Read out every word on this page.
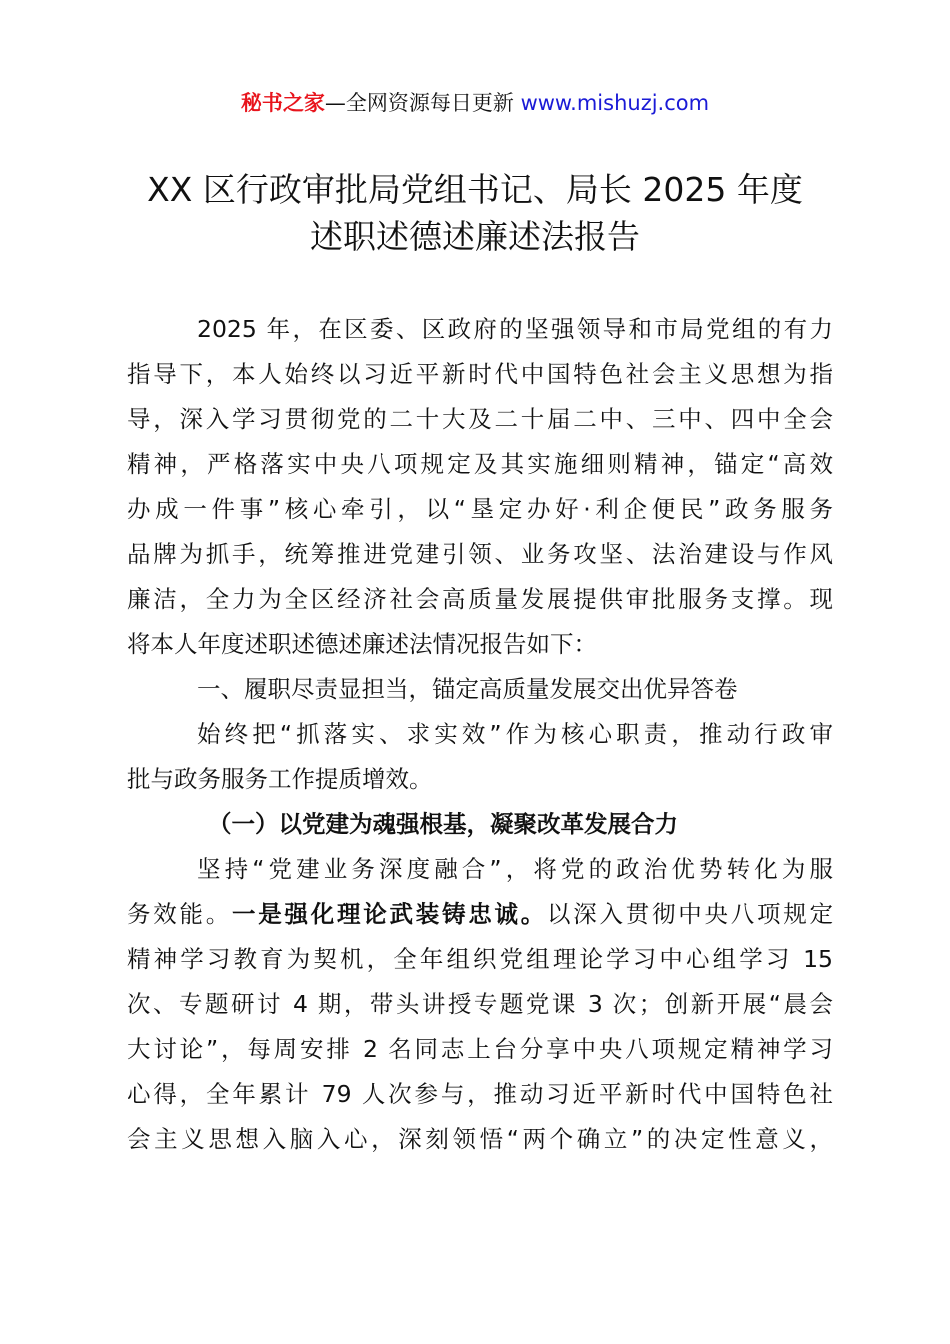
秘书之家—全网资源每日更新 www.mishuzj.com
XX 区行政审批局党组书记、局长 2025 年度
述职述德述廉述法报告
2025 年，在区委、区政府的坚强领导和市局党组的有力
指导下，本人始终以习近平新时代中国特色社会主义思想为指
导，深入学习贯彻党的二十大及二十届二中、三中、四中全会
精神，严格落实中央八项规定及其实施细则精神，锚定“高效
办成一件事”核心牵引，以“垦定办好·利企便民”政务服务
品牌为抓手，统筹推进党建引领、业务攻坚、法治建设与作风
廉洁，全力为全区经济社会高质量发展提供审批服务支撑。现
将本人年度述职述德述廉述法情况报告如下：
一、履职尽责显担当，锚定高质量发展交出优异答卷
始终把“抓落实、求实效”作为核心职责，推动行政审
批与政务服务工作提质增效。
（一）以党建为魂强根基，凝聚改革发展合力
坚持“党建业务深度融合”，将党的政治优势转化为服
务效能。一是强化理论武装铸忠诚。以深入贯彻中央八项规定
精神学习教育为契机，全年组织党组理论学习中心组学习 15
次、专题研讨 4 期，带头讲授专题党课 3 次；创新开展“晨会
大讨论”，每周安排 2 名同志上台分享中央八项规定精神学习
心得，全年累计 79 人次参与，推动习近平新时代中国特色社
会主义思想入脑入心，深刻领悟“两个确立”的决定性意义，
